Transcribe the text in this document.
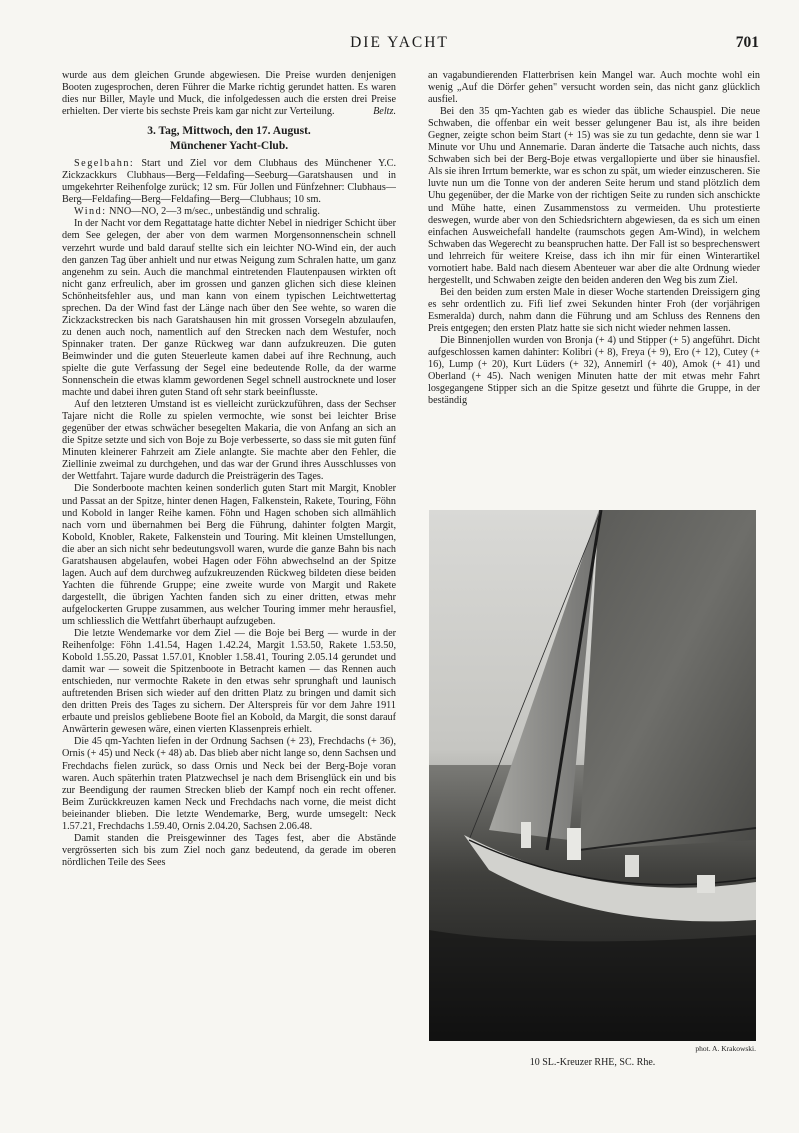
DIE YACHT	701

wurde aus dem gleichen Grunde abgewiesen. Die Preise wurden denjenigen Booten zugesprochen, deren Führer die Marke richtig gerundet hatten. Es waren dies nur Biller, Mayle und Muck, die infolgedessen auch die ersten drei Preise erhielten. Der vierte bis sechste Preis kam gar nicht zur Verteilung.	Beltz.
3. Tag, Mittwoch, den 17. August.
Münchener Yacht-Club.

Segelbahn: Start und Ziel vor dem Clubhaus des Münchener Y.C. Zickzackkurs Clubhaus—Berg—Feldafing—Seeburg—Garatshausen und in umgekehrter Reihenfolge zurück; 12 sm. Für Jollen und Fünfzehner: Clubhaus—Berg—Feldafing—Berg—Feldafing—Berg—Clubhaus; 10 sm.

Wind: NNO—NO, 2—3 m/sec., unbeständig und schralig.

In der Nacht vor dem Regattatage hatte dichter Nebel in niedriger Schicht über dem See gelegen, der aber von dem warmen Morgensonnenschein schnell verzehrt wurde und bald darauf stellte sich ein leichter NO-Wind ein, der auch den ganzen Tag über anhielt und nur etwas Neigung zum Schralen hatte, um ganz angenehm zu sein. Auch die manchmal eintretenden Flautenpausen wirkten oft nicht ganz erfreulich, aber im grossen und ganzen glichen sich diese kleinen Schönheitsfehler aus, und man kann von einem typischen Leichtwettertag sprechen. Da der Wind fast der Länge nach über den See wehte, so waren die Zickzackstrecken bis nach Garatshausen hin mit grossen Vorsegeln abzulaufen, zu denen auch noch, namentlich auf den Strecken nach dem Westufer, noch Spinnaker traten. Der ganze Rückweg war dann aufzukreuzen. Die guten Beimwinder und die guten Steuerleute kamen dabei auf ihre Rechnung, auch spielte die gute Verfassung der Segel eine bedeutende Rolle, da der warme Sonnenschein die etwas klamm gewordenen Segel schnell austrocknete und loser machte und dabei ihren guten Stand oft sehr stark beeinflusste.

Auf den letzteren Umstand ist es vielleicht zurückzuführen, dass der Sechser Tajare nicht die Rolle zu spielen vermochte, wie sonst bei leichter Brise gegenüber der etwas schwächer besegelten Makaria, die von Anfang an sich an die Spitze setzte und sich von Boje zu Boje verbesserte, so dass sie mit guten fünf Minuten kleinerer Fahrzeit am Ziele anlangte. Sie machte aber den Fehler, die Ziellinie zweimal zu durchgehen, und das war der Grund ihres Ausschlusses von der Wettfahrt. Tajare wurde dadurch die Preisträgerin des Tages.

Die Sonderboote machten keinen sonderlich guten Start mit Margit, Knobler und Passat an der Spitze, hinter denen Hagen, Falkenstein, Rakete, Touring, Föhn und Kobold in langer Reihe kamen. Föhn und Hagen schoben sich allmählich nach vorn und übernahmen bei Berg die Führung, dahinter folgten Margit, Kobold, Knobler, Rakete, Falkenstein und Touring. Mit kleinen Umstellungen, die aber an sich nicht sehr bedeutungsvoll waren, wurde die ganze Bahn bis nach Garatshausen abgelaufen, wobei Hagen oder Föhn abwechselnd an der Spitze lagen. Auch auf dem durchweg aufzukreuzenden Rückweg bildeten diese beiden Yachten die führende Gruppe; eine zweite wurde von Margit und Rakete dargestellt, die übrigen Yachten fanden sich zu einer dritten, etwas mehr aufgelockerten Gruppe zusammen, aus welcher Touring immer mehr herausfiel, um schliesslich die Wettfahrt überhaupt aufzugeben.

Die letzte Wendemarke vor dem Ziel — die Boje bei Berg — wurde in der Reihenfolge: Föhn 1.41.54, Hagen 1.42.24, Margit 1.53.50, Rakete 1.53.50, Kobold 1.55.20, Passat 1.57.01, Knobler 1.58.41, Touring 2.05.14 gerundet und damit war — soweit die Spitzenboote in Betracht kamen — das Rennen auch entschieden, nur vermochte Rakete in den etwas sehr sprunghaft und launisch auftretenden Brisen sich wieder auf den dritten Platz zu bringen und damit sich den dritten Preis des Tages zu sichern. Der Alterspreis für vor dem Jahre 1911 erbaute und preislos gebliebene Boote fiel an Kobold, da Margit, die sonst darauf Anwärterin gewesen wäre, einen vierten Klassenpreis erhielt.

Die 45 qm-Yachten liefen in der Ordnung Sachsen (+ 23), Frechdachs (+ 36), Ornis (+ 45) und Neck (+ 48) ab. Das blieb aber nicht lange so, denn Sachsen und Frechdachs fielen zurück, so dass Ornis und Neck bei der Berg-Boje voran waren. Auch späterhin traten Platzwechsel je nach dem Brisenglück ein und bis zur Beendigung der raumen Strecken blieb der Kampf noch ein recht offener. Beim Zurückkreuzen kamen Neck und Frechdachs nach vorne, die meist dicht beieinander blieben. Die letzte Wendemarke, Berg, wurde umsegelt: Neck 1.57.21, Frechdachs 1.59.40, Ornis 2.04.20, Sachsen 2.06.48.

Damit standen die Preisgewinner des Tages fest, aber die Abstände vergrösserten sich bis zum Ziel noch ganz bedeutend, da gerade im oberen nördlichen Teile des Sees

an vagabundierenden Flatterbrisen kein Mangel war. Auch mochte wohl ein wenig „Auf die Dörfer gehen" versucht worden sein, das nicht ganz glücklich ausfiel.

Bei den 35 qm-Yachten gab es wieder das übliche Schauspiel. Die neue Schwaben, die offenbar ein weit besser gelungener Bau ist, als ihre beiden Gegner, zeigte schon beim Start (+ 15) was sie zu tun gedachte, denn sie war 1 Minute vor Uhu und Annemarie. Daran änderte die Tatsache auch nichts, dass Schwaben sich bei der Berg-Boje etwas vergallopierte und über sie hinausfiel. Als sie ihren Irrtum bemerkte, war es schon zu spät, um wieder einzuscheren. Sie luvte nun um die Tonne von der anderen Seite herum und stand plötzlich dem Uhu gegenüber, der die Marke von der richtigen Seite zu runden sich anschickte und Mühe hatte, einen Zusammenstoss zu vermeiden. Uhu protestierte deswegen, wurde aber von den Schiedsrichtern abgewiesen, da es sich um einen einfachen Ausweichefall handelte (raumschots gegen Am-Wind), in welchem Schwaben das Wegerecht zu beanspruchen hatte. Der Fall ist so besprechenswert und lehrreich für weitere Kreise, dass ich ihn mir für einen Winterartikel vornotiert habe. Bald nach diesem Abenteuer war aber die alte Ordnung wieder hergestellt, und Schwaben zeigte den beiden anderen den Weg bis zum Ziel.

Bei den beiden zum ersten Male in dieser Woche startenden Dreissigern ging es sehr ordentlich zu. Fifi lief zwei Sekunden hinter Froh (der vorjährigen Esmeralda) durch, nahm dann die Führung und am Schluss des Rennens den Preis entgegen; den ersten Platz hatte sie sich nicht wieder nehmen lassen.

Die Binnenjollen wurden von Bronja (+ 4) und Stipper (+ 5) angeführt. Dicht aufgeschlossen kamen dahinter: Kolibri (+ 8), Freya (+ 9), Ero (+ 12), Cutey (+ 16), Lump (+ 20), Kurt Lüders (+ 32), Annemirl (+ 40), Amok (+ 41) und Oberland (+ 45). Nach wenigen Minuten hatte der mit etwas mehr Fahrt losgegangene Stipper sich an die Spitze gesetzt und führte die Gruppe, in der beständig

phot. A. Krakowski.
10 SL.-Kreuzer RHE, SC. Rhe.
